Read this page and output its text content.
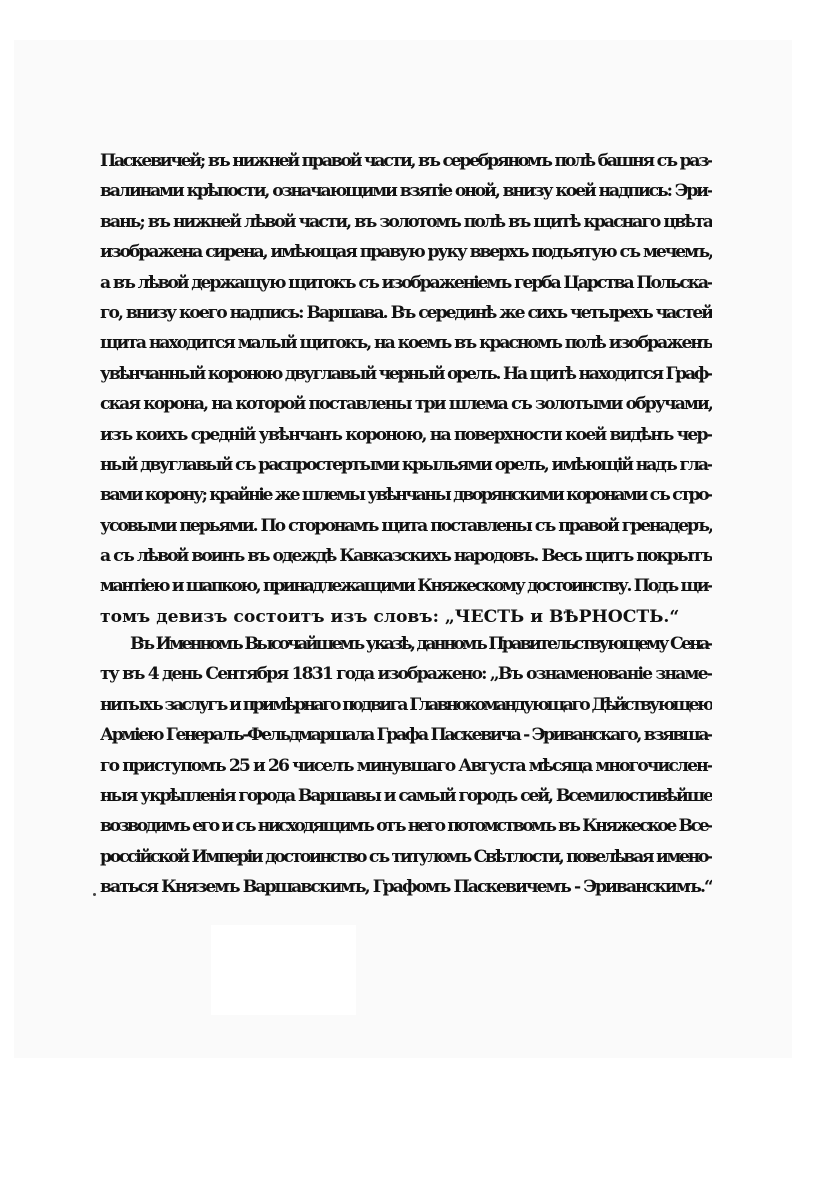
Паскевичей; въ нижней правой части, въ серебряномъ полѣ башня съ раз-
валинами крѣпости, означающими взятіе оной, внизу коей надпись: Эри-
вань; въ нижней лѣвой части, въ золотомъ полѣ въ щитѣ краснаго цвѣта
изображена сирена, имѣющая правую руку вверхъ подъятую съ мечемъ,
а въ лѣвой держащую щитокъ съ изображеніемъ герба Царства Польска-
го, внизу коего надпись: Варшава. Въ серединѣ же сихъ четырехъ частей
щита находится малый щитокъ, на коемъ въ красномъ полѣ изображенъ
увѣнчанный короною двуглавый черный орелъ. На щитѣ находится Граф-
ская корона, на которой поставлены три шлема съ золотыми обручами,
изъ коихъ средній увѣнчанъ короною, на поверхности коей видѣнъ чер-
ный двуглавый съ распростертыми крыльями орелъ, имѣющій надъ гла-
вами корону; крайніе же шлемы увѣнчаны дворянскими коронами съ стро-
усовыми перьями. По сторонамъ щита поставлены съ правой гренадеръ,
а съ лѣвой воинъ въ одеждѣ Кавказскихъ народовъ. Весь щитъ покрытъ
мантіею и шапкою, принадлежащими Княжескому достоинству. Подъ щи-
томъ девизъ состоитъ изъ словъ: „ЧЕСТЬ и ВѢРНОСТЬ.“
Въ Именномъ Высочайшемъ указѣ, данномъ Правительствующему Сена-
ту въ 4 день Сентября 1831 года изображено: „Въ ознаменованіе знаме-
нитыхъ заслугъ и примѣрнаго подвига Главнокомандующаго Дѣйствующею
Арміею Генералъ-Фельдмаршала Графа Паскевича - Эриванскаго, взявша-
го приступомъ 25 и 26 чиселъ минувшаго Августа мѣсяца многочислен-
ныя укрѣпленія города Варшавы и самый городъ сей, Всемилостивѣйше
возводимъ его и съ нисходящимъ отъ него потомствомъ въ Княжеское Все-
россійской Имперіи достоинство съ титуломъ Свѣтлости, повелѣвая имено-
ваться Княземъ Варшавскимъ, Графомъ Паскевичемъ - Эриванскимъ.“
